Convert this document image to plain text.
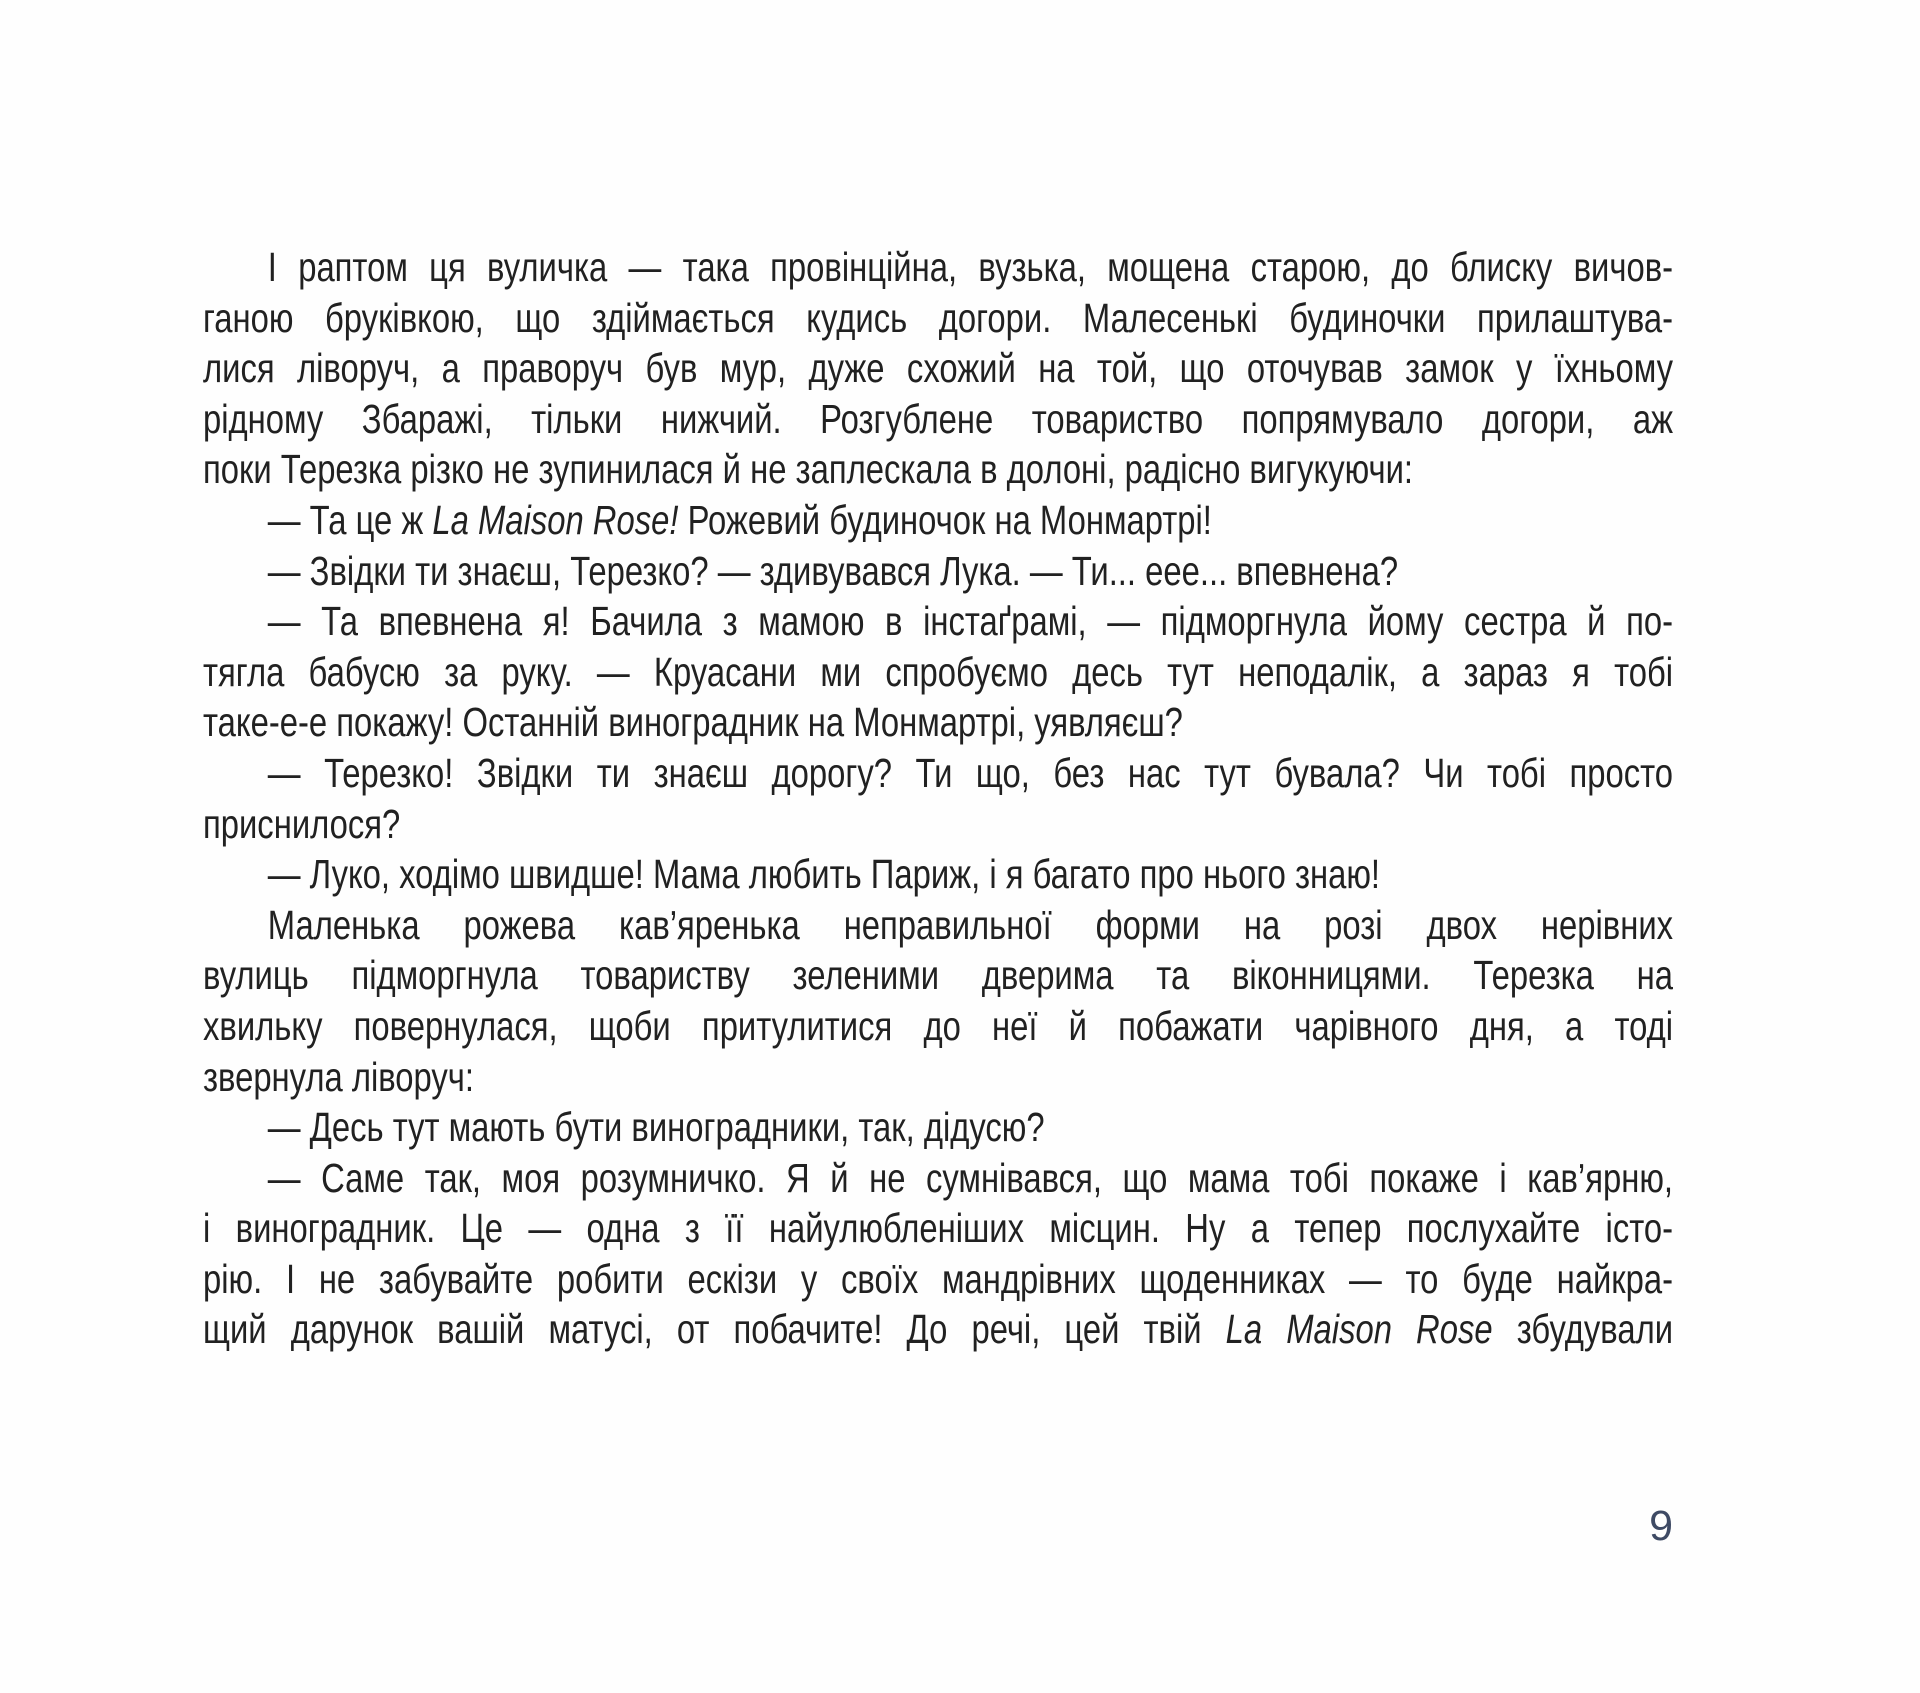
І раптом ця вуличка — така провінційна, вузька, мощена старою, до блиску вичов-
ганою бруківкою, що здіймається кудись догори. Малесенькі будиночки прилаштува-
лися ліворуч, а праворуч був мур, дуже схожий на той, що оточував замок у їхньому
рідному Збаражі, тільки нижчий. Розгублене товариство попрямувало догори, аж
поки Терезка різко не зупинилася й не заплескала в долоні, радісно вигукуючи:
— Та це ж La Maison Rose! Рожевий будиночок на Монмартрі!
— Звідки ти знаєш, Терезко? — здивувався Лука. — Ти... еее... впевнена?
— Та впевнена я! Бачила з мамою в інстаґрамі, — підморгнула йому сестра й по-
тягла бабусю за руку. — Круасани ми спробуємо десь тут неподалік, а зараз я тобі
таке-е-е покажу! Останній виноградник на Монмартрі, уявляєш?
— Терезко! Звідки ти знаєш дорогу? Ти що, без нас тут бувала? Чи тобі просто
приснилося?
— Луко, ходімо швидше! Мама любить Париж, і я багато про нього знаю!
Маленька рожева кав’яренька неправильної форми на розі двох нерівних
вулиць підморгнула товариству зеленими дверима та віконницями. Терезка на
хвильку повернулася, щоби притулитися до неї й побажати чарівного дня, а тоді
звернула ліворуч:
— Десь тут мають бути виноградники, так, дідусю?
— Саме так, моя розумничко. Я й не сумнівався, що мама тобі покаже і кав’ярню,
і виноградник. Це — одна з її найулюбленіших місцин. Ну а тепер послухайте істо-
рію. І не забувайте робити ескізи у своїх мандрівних щоденниках — то буде найкра-
щий дарунок вашій матусі, от побачите! До речі, цей твій La Maison Rose збудували
9
